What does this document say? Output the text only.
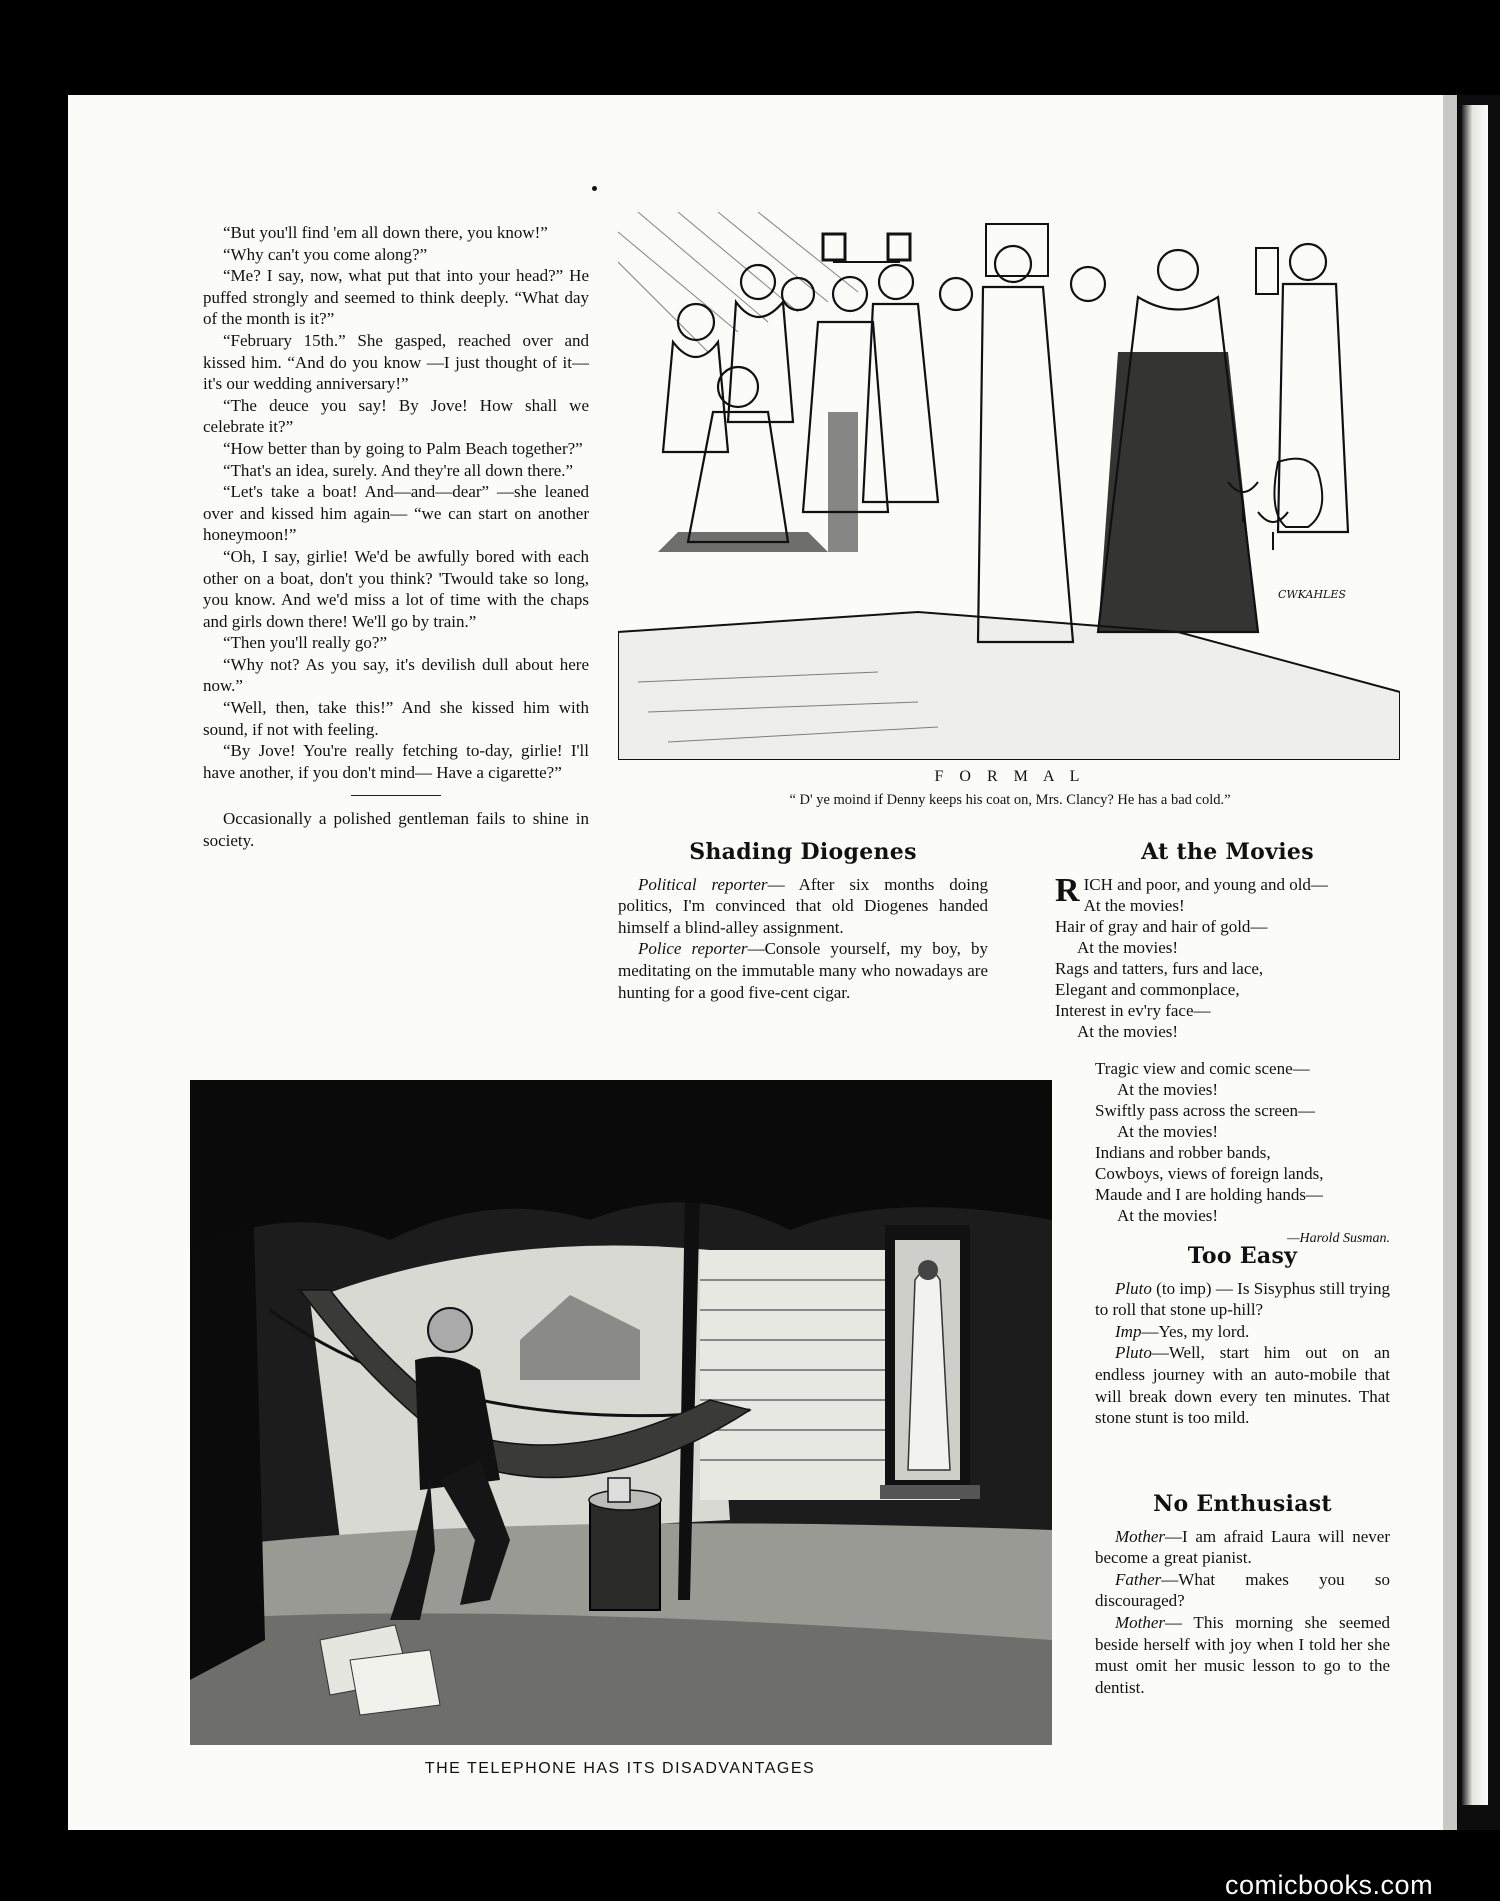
“But you'll find 'em all down there, you know!”

“Why can't you come along?”

“Me? I say, now, what put that into your head?” He puffed strongly and seemed to think deeply. “What day of the month is it?”

“February 15th.” She gasped, reached over and kissed him. “And do you know —I just thought of it—it's our wedding anniversary!”

“The deuce you say! By Jove! How shall we celebrate it?”

“How better than by going to Palm Beach together?”

“That's an idea, surely. And they're all down there.”

“Let's take a boat! And—and—dear” —she leaned over and kissed him again— “we can start on another honeymoon!”

“Oh, I say, girlie! We'd be awfully bored with each other on a boat, don't you think? 'Twould take so long, you know. And we'd miss a lot of time with the chaps and girls down there! We'll go by train.”

“Then you'll really go?”

“Why not? As you say, it's devilish dull about here now.”

“Well, then, take this!” And she kissed him with sound, if not with feeling.

“By Jove! You're really fetching to-day, girlie! I'll have another, if you don't mind— Have a cigarette?”

Occasionally a polished gentleman fails to shine in society.

CWKAHLES
F O R M A L
“ D' ye moind if Denny keeps his coat on, Mrs. Clancy? He has a bad cold.”
Shading Diogenes

Political reporter— After six months doing politics, I'm convinced that old Diogenes handed himself a blind-alley assignment.

Police reporter—Console yourself, my boy, by meditating on the immutable many who nowadays are hunting for a good five-cent cigar.

At the Movies
RICH and poor, and young and old—
At the movies!
Hair of gray and hair of gold—
At the movies!
Rags and tatters, furs and lace,
Elegant and commonplace,
Interest in ev'ry face—
At the movies!
Tragic view and comic scene—
At the movies!
Swiftly pass across the screen—
At the movies!
Indians and robber bands,
Cowboys, views of foreign lands,
Maude and I are holding hands—
At the movies!
—Harold Susman.
Too Easy

Pluto (to imp) — Is Sisyphus still trying to roll that stone up-hill?

Imp—Yes, my lord.

Pluto—Well, start him out on an endless journey with an auto-mobile that will break down every ten minutes. That stone stunt is too mild.

No Enthusiast

Mother—I am afraid Laura will never become a great pianist.

Father—What makes you so discouraged?

Mother— This morning she seemed beside herself with joy when I told her she must omit her music lesson to go to the dentist.

THE TELEPHONE HAS ITS DISADVANTAGES
comicbooks.com
